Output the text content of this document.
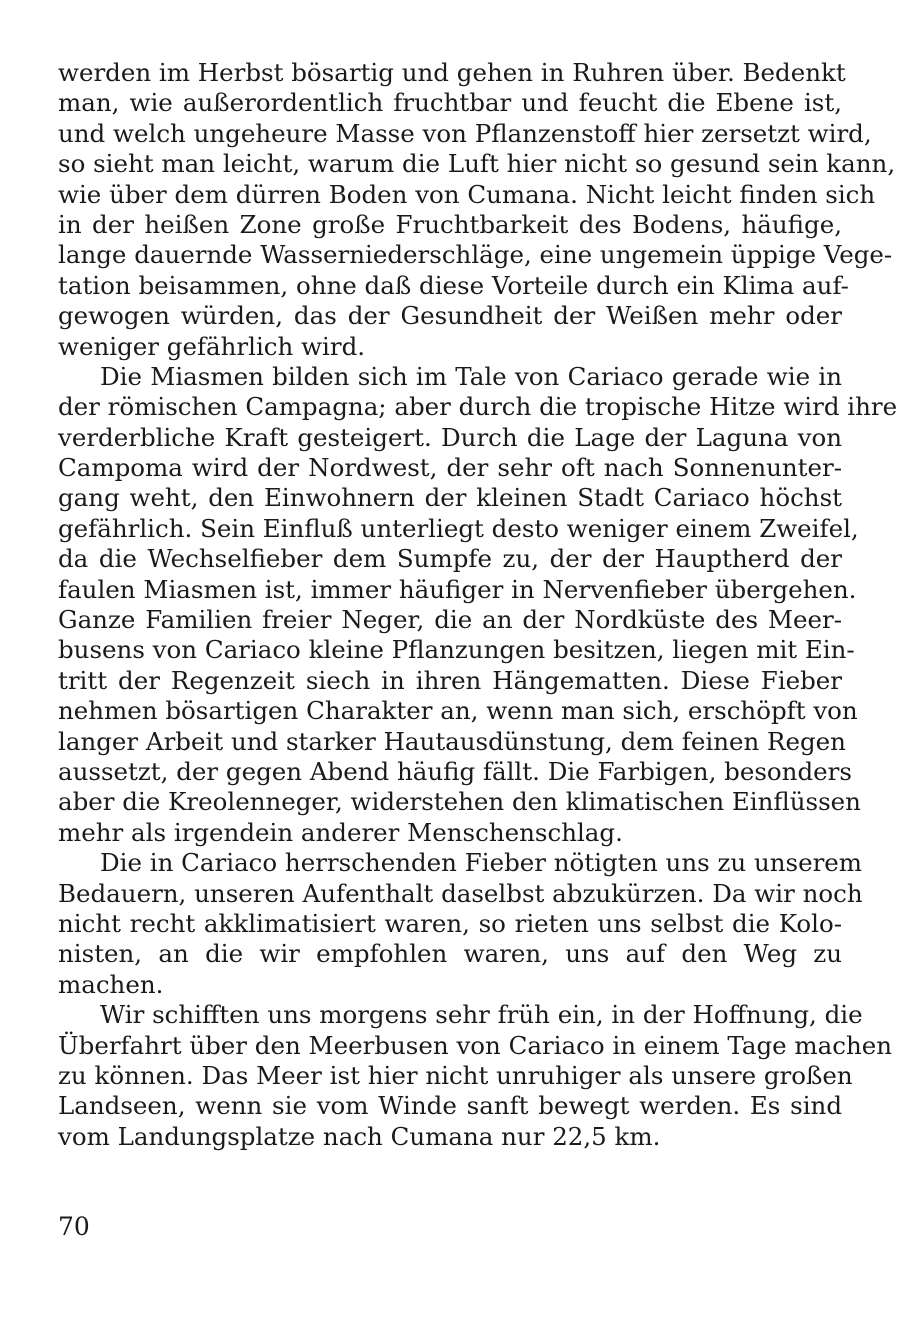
werden im Herbst bösartig und gehen in Ruhren über. Bedenkt
man, wie außerordentlich fruchtbar und feucht die Ebene ist,
und welch ungeheure Masse von Pflanzenstoff hier zersetzt wird,
so sieht man leicht, warum die Luft hier nicht so gesund sein kann,
wie über dem dürren Boden von Cumana. Nicht leicht finden sich
in der heißen Zone große Fruchtbarkeit des Bodens, häufige,
lange dauernde Wasserniederschläge, eine ungemein üppige Vege-
tation beisammen, ohne daß diese Vorteile durch ein Klima auf-
gewogen würden, das der Gesundheit der Weißen mehr oder
weniger gefährlich wird.
Die Miasmen bilden sich im Tale von Cariaco gerade wie in
der römischen Campagna; aber durch die tropische Hitze wird ihre
verderbliche Kraft gesteigert. Durch die Lage der Laguna von
Campoma wird der Nordwest, der sehr oft nach Sonnenunter-
gang weht, den Einwohnern der kleinen Stadt Cariaco höchst
gefährlich. Sein Einfluß unterliegt desto weniger einem Zweifel,
da die Wechselfieber dem Sumpfe zu, der der Hauptherd der
faulen Miasmen ist, immer häufiger in Nervenfieber übergehen.
Ganze Familien freier Neger, die an der Nordküste des Meer-
busens von Cariaco kleine Pflanzungen besitzen, liegen mit Ein-
tritt der Regenzeit siech in ihren Hängematten. Diese Fieber
nehmen bösartigen Charakter an, wenn man sich, erschöpft von
langer Arbeit und starker Hautausdünstung, dem feinen Regen
aussetzt, der gegen Abend häufig fällt. Die Farbigen, besonders
aber die Kreolenneger, widerstehen den klimatischen Einflüssen
mehr als irgendein anderer Menschenschlag.
Die in Cariaco herrschenden Fieber nötigten uns zu unserem
Bedauern, unseren Aufenthalt daselbst abzukürzen. Da wir noch
nicht recht akklimatisiert waren, so rieten uns selbst die Kolo-
nisten, an die wir empfohlen waren, uns auf den Weg zu
machen.
Wir schifften uns morgens sehr früh ein, in der Hoffnung, die
Überfahrt über den Meerbusen von Cariaco in einem Tage machen
zu können. Das Meer ist hier nicht unruhiger als unsere großen
Landseen, wenn sie vom Winde sanft bewegt werden. Es sind
vom Landungsplatze nach Cumana nur 22,5 km.
70
